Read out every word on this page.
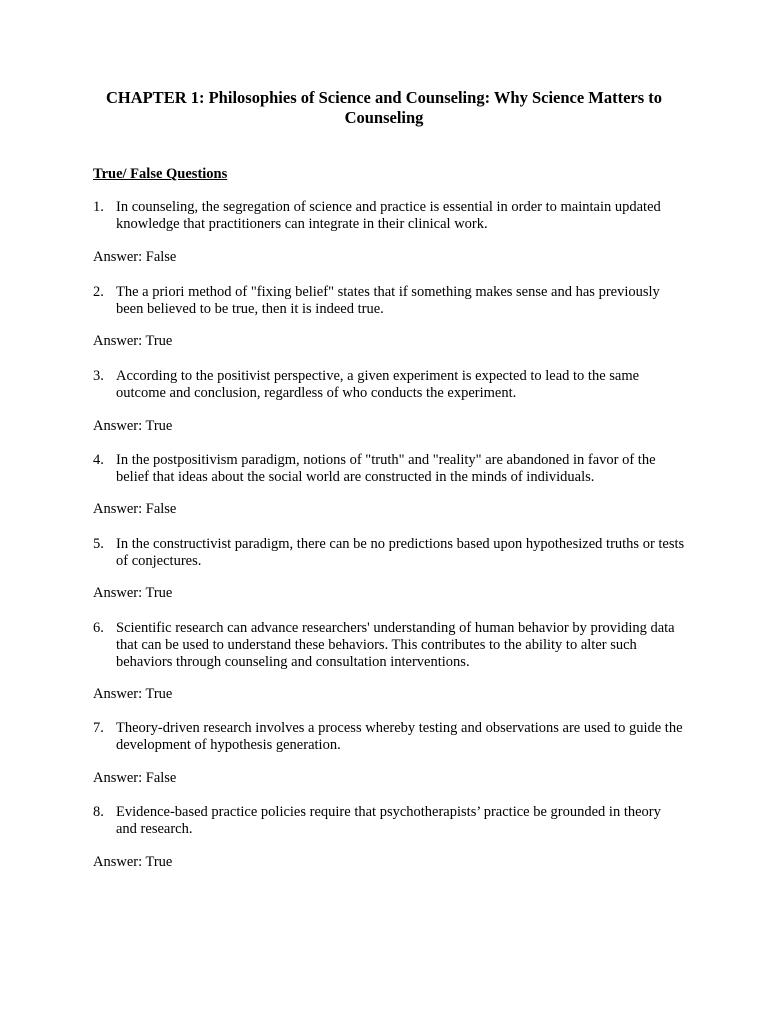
CHAPTER 1: Philosophies of Science and Counseling: Why Science Matters to Counseling
True/ False Questions
1. In counseling, the segregation of science and practice is essential in order to maintain updated knowledge that practitioners can integrate in their clinical work.
Answer: False
2. The a priori method of "fixing belief" states that if something makes sense and has previously been believed to be true, then it is indeed true.
Answer: True
3. According to the positivist perspective, a given experiment is expected to lead to the same outcome and conclusion, regardless of who conducts the experiment.
Answer: True
4. In the postpositivism paradigm, notions of "truth" and "reality" are abandoned in favor of the belief that ideas about the social world are constructed in the minds of individuals.
Answer: False
5. In the constructivist paradigm, there can be no predictions based upon hypothesized truths or tests of conjectures.
Answer: True
6. Scientific research can advance researchers' understanding of human behavior by providing data that can be used to understand these behaviors. This contributes to the ability to alter such behaviors through counseling and consultation interventions.
Answer: True
7. Theory-driven research involves a process whereby testing and observations are used to guide the development of hypothesis generation.
Answer: False
8. Evidence-based practice policies require that psychotherapists’ practice be grounded in theory and research.
Answer: True
